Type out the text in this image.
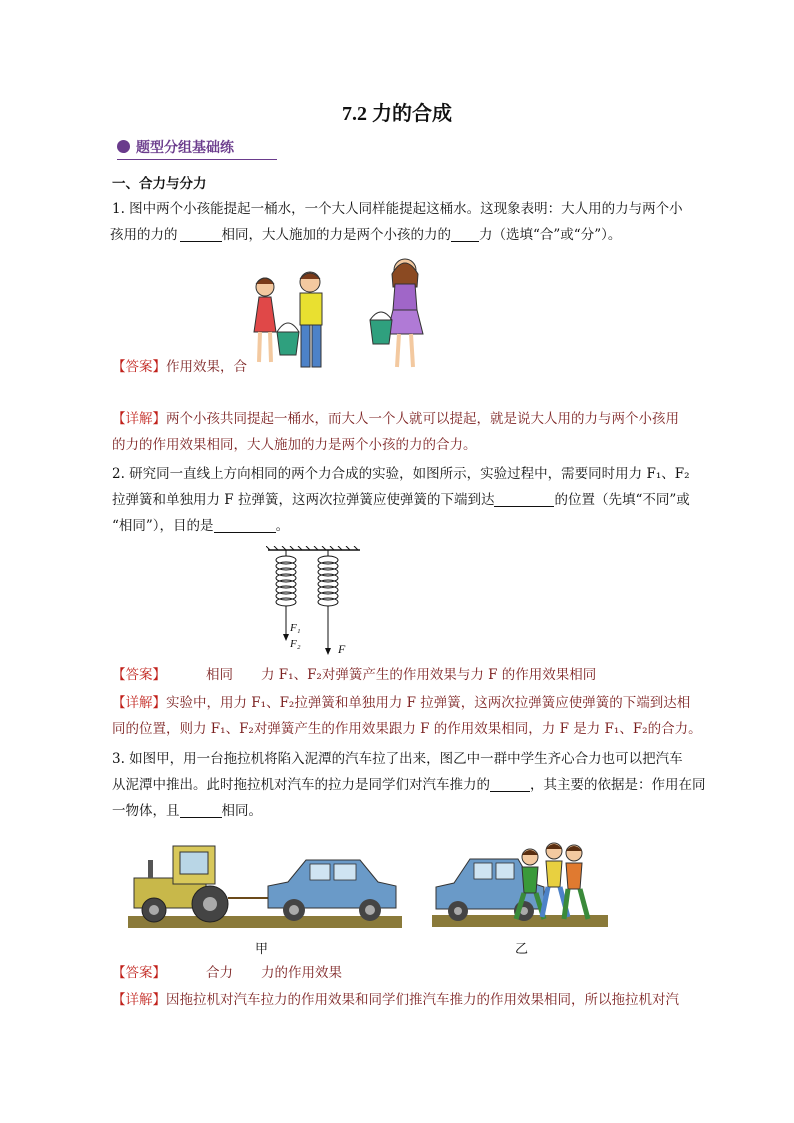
7.2 力的合成
题型分组基础练
一、合力与分力
1. 图中两个小孩能提起一桶水，一个大人同样能提起这桶水。这现象表明：大人用的力与两个小
孩用的力的	相同，大人施加的力是两个小孩的力的 力（选填“合”或“分”）。
【答案】作用效果，合
【详解】两个小孩共同提起一桶水，而大人一个人就可以提起，就是说大人用的力与两个小孩用
的力的作用效果相同，大人施加的力是两个小孩的力的合力。
2. 研究同一直线上方向相同的两个力合成的实验，如图所示，实验过程中，需要同时用力 F₁、F₂
拉弹簧和单独用力 F 拉弹簧，这两次拉弹簧应使弹簧的下端到达	的位置（先填“不同”或
“相同”），目的是	。
F₁
F₂	F
【答案】	相同 力 F₁、F₂对弹簧产生的作用效果与力 F 的作用效果相同
【详解】实验中，用力 F₁、F₂拉弹簧和单独用力 F 拉弹簧，这两次拉弹簧应使弹簧的下端到达相
同的位置，则力 F₁、F₂对弹簧产生的作用效果跟力 F 的作用效果相同，力 F 是力 F₁、F₂的合力。
3. 如图甲，用一台拖拉机将陷入泥潭的汽车拉了出来，图乙中一群中学生齐心合力也可以把汽车
从泥潭中推出。此时拖拉机对汽车的拉力是同学们对汽车推力的	，其主要的依据是：作用在同
一物体，且	相同。
甲	乙
【答案】	合力 力的作用效果
【详解】因拖拉机对汽车拉力的作用效果和同学们推汽车推力的作用效果相同，所以拖拉机对汽
